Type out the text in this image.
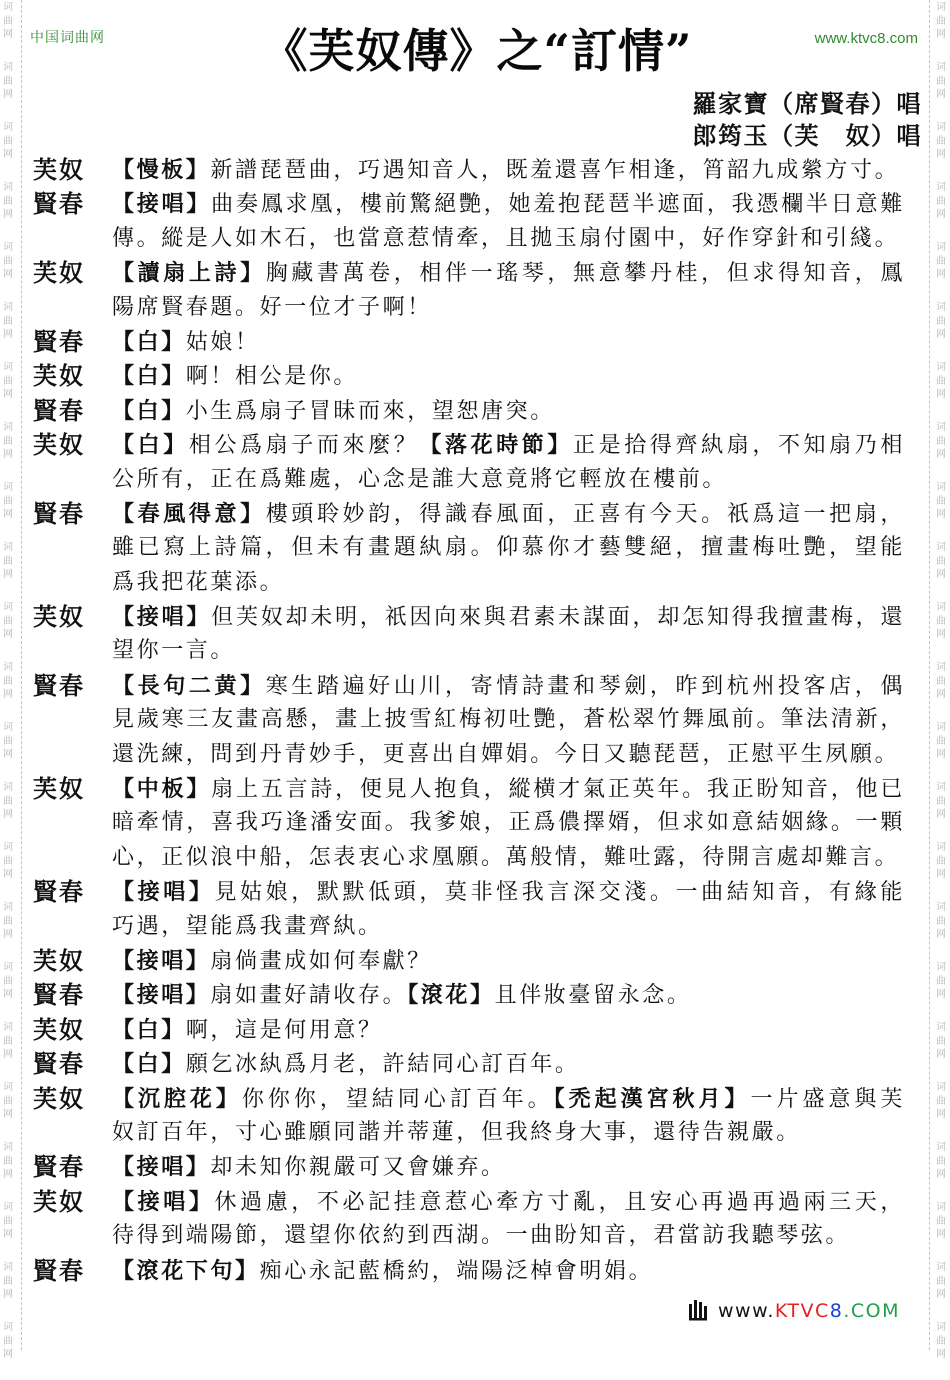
词
曲
网
词
曲
网
词
曲
网
词
曲
网
词
曲
网
词
曲
网
词
曲
网
词
曲
网
词
曲
网
词
曲
网
词
曲
网
词
曲
网
词
曲
网
词
曲
网
词
曲
网
词
曲
网
词
曲
网
词
曲
网
词
曲
网
词
曲
网
词
曲
网
词
曲
网
词
曲
网
词
曲
网
词
曲
网
词
曲
网
词
曲
网
词
曲
网
词
曲
网
词
曲
网
词
曲
网
词
曲
网
词
曲
网
词
曲
网
词
曲
网
词
曲
网
词
曲
网
词
曲
网
词
曲
网
词
曲
网
词
曲
网
词
曲
网
词
曲
网
词
曲
网
词
曲
网
词
曲
网
中国词曲网	www.ktvc8.com
《芙奴傳》之“訂情”
羅家寶（席賢春）唱
郎筠玉（芙　奴）唱
芙奴	【慢板】新譜琵琶曲，巧遇知音人，既羞還喜乍相逢，筲韶九成縈方寸。
賢春	【接唱】曲奏鳳求凰，樓前驚絕艷，她羞抱琵琶半遮面，我憑欄半日意難
傳。縱是人如木石，也當意惹情牽，且拋玉扇付園中，好作穿針和引綫。
芙奴	【讀扇上詩】胸藏書萬卷，相伴一瑤琴，無意攀丹桂，但求得知音，鳳
陽席賢春題。好一位才子啊！
賢春	【白】姑娘！
芙奴	【白】啊！相公是你。
賢春	【白】小生爲扇子冒昧而來，望恕唐突。
芙奴	【白】相公爲扇子而來麼？【落花時節】正是拾得齊紈扇，不知扇乃相
公所有，正在爲難處，心念是誰大意竟將它輕放在樓前。
賢春	【春風得意】樓頭聆妙韵，得識春風面，正喜有今天。祇爲這一把扇，
雖已寫上詩篇，但未有畫題紈扇。仰慕你才藝雙絕，擅畫梅吐艷，望能
爲我把花葉添。
芙奴	【接唱】但芙奴却未明，祇因向來與君素未謀面，却怎知得我擅畫梅，還
望你一言。
賢春	【長句二黄】寒生踏遍好山川，寄情詩畫和琴劍，昨到杭州投客店，偶
見歲寒三友畫高懸，畫上披雪紅梅初吐艷，蒼松翠竹舞風前。筆法清新，
還洗練，問到丹青妙手，更喜出自嬋娟。今日又聽琵琶，正慰平生夙願。
芙奴	【中板】扇上五言詩，便見人抱負，縱横才氣正英年。我正盼知音，他已
暗牽情，喜我巧逢潘安面。我爹娘，正爲儂擇婿，但求如意結姻緣。一顆
心，正似浪中船，怎表衷心求凰願。萬般情，難吐露，待開言處却難言。
賢春	【接唱】見姑娘，默默低頭，莫非怪我言深交淺。一曲結知音，有緣能
巧遇，望能爲我畫齊紈。
芙奴	【接唱】扇倘畫成如何奉獻？
賢春	【接唱】扇如畫好請收存。【滾花】且伴妝臺留永念。
芙奴	【白】啊，這是何用意？
賢春	【白】願乞冰紈爲月老，許結同心訂百年。
芙奴	【沉腔花】你你你，望結同心訂百年。【禿起漢宮秋月】一片盛意與芙
奴訂百年，寸心雖願同諧并蒂蓮，但我終身大事，還待告親嚴。
賢春	【接唱】却未知你親嚴可又會嫌弃。
芙奴	【接唱】休過慮，不必記挂意惹心牽方寸亂，且安心再過再過兩三天，
待得到端陽節，還望你依約到西湖。一曲盼知音，君當訪我聽琴弦。
賢春	【滾花下句】痴心永記藍橋約，端陽泛棹會明娟。
www.KTVC8.COM
